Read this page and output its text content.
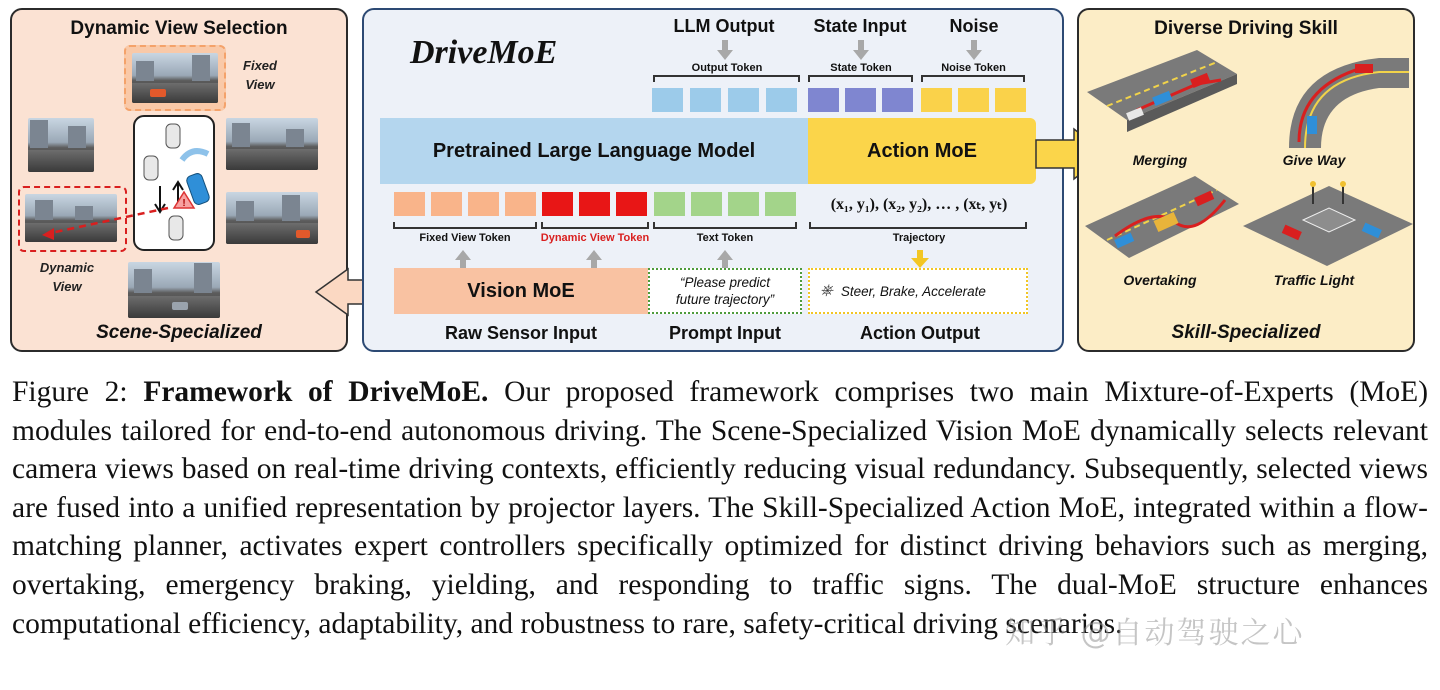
Dynamic View Selection
Fixed
View
Dynamic
View
!
Scene-Specialized
DriveMoE
LLM Output	State Input	Noise
Output Token	State Token	Noise Token
Pretrained Large Language Model	Action MoE
(x₁, y₁), (x₂, y₂), … , (xₜ, yₜ)
Fixed View Token	Dynamic View Token	Text Token	Trajectory
Vision MoE	“Please predict
future trajectory”
⎈ Steer, Brake, Accelerate
Raw Sensor Input	Prompt Input	Action Output
Diverse Driving Skill
Merging	Give Way
Overtaking	Traffic Light
Skill-Specialized
Figure 2: Framework of DriveMoE. Our proposed framework comprises two main Mixture-of-Experts (MoE) modules tailored for end-to-end autonomous driving. The Scene-Specialized Vision MoE dynamically selects relevant camera views based on real-time driving contexts, efficiently reducing visual redundancy. Subsequently, selected views are fused into a unified representation by projector layers. The Skill-Specialized Action MoE, integrated within a flow-matching planner, activates expert controllers specifically optimized for distinct driving behaviors such as merging, overtaking, emergency braking, yielding, and responding to traffic signs. The dual-MoE structure enhances computational efficiency, adaptability, and robustness to rare, safety-critical driving scenarios.
知乎 @自动驾驶之心
